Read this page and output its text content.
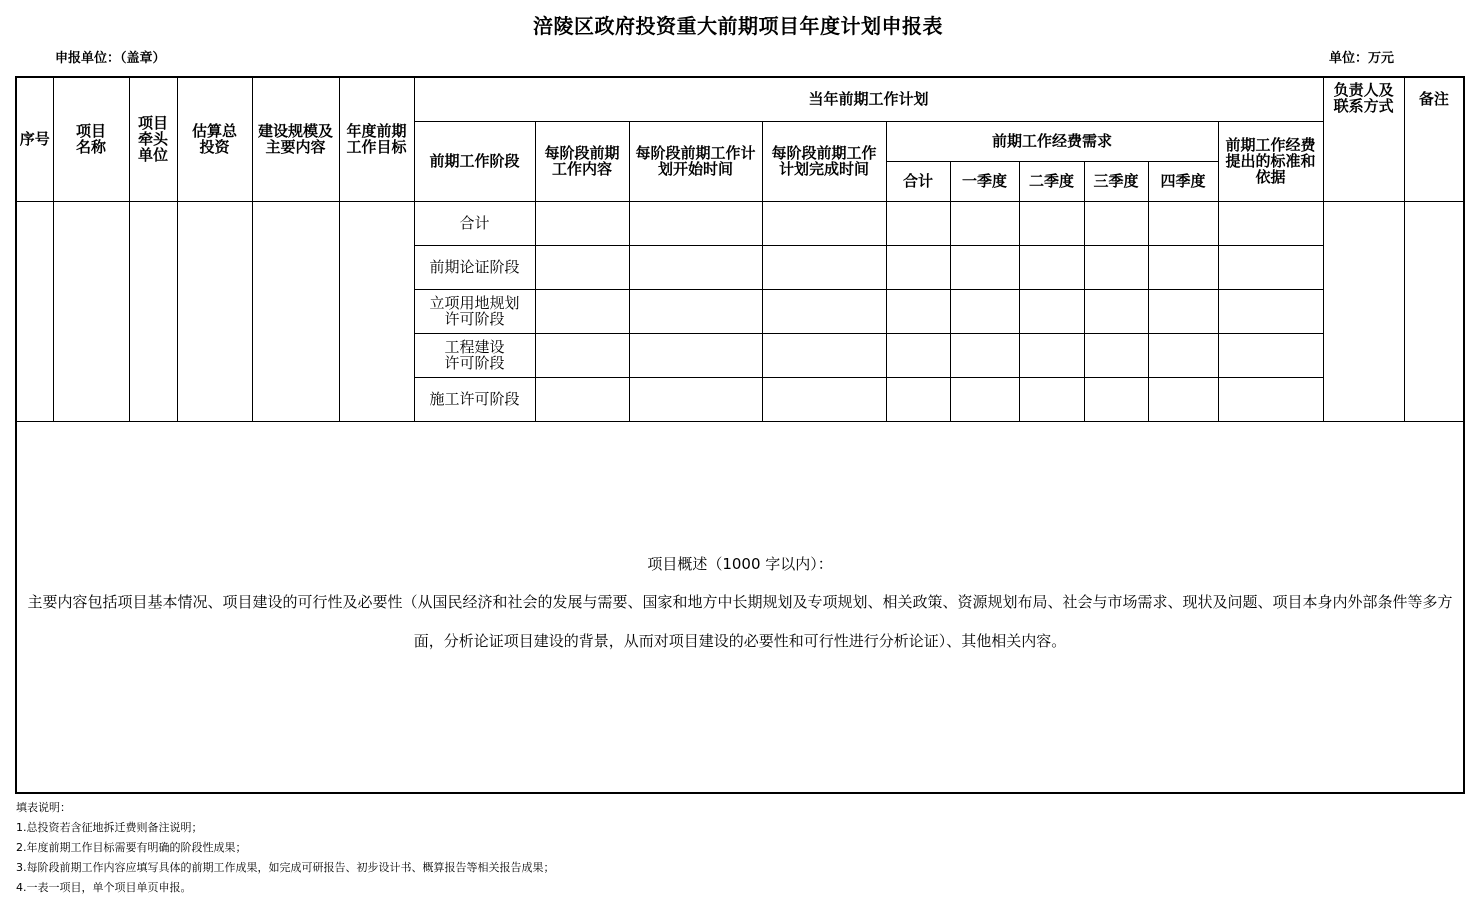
涪陵区政府投资重大前期项目年度计划申报表
申报单位：（盖章）	单位：万元
序号	项目名称	项目牵头单位	估算总投资	建设规模及主要内容	年度前期工作目标	当年前期工作计划										负责人及联系方式	备注
						前期工作阶段	每阶段前期工作内容	每阶段前期工作计划开始时间	每阶段前期工作计划完成时间	前期工作经费需求					前期工作经费提出的标准和依据		

										合计	一季度	二季度	三季度	四季度			
						合计											
						前期论证阶段											

						立项用地规划许可阶段											

						工程建设许可阶段											

						施工许可阶段											

项目概述（1000 字以内）：
主要内容包括项目基本情况、项目建设的可行性及必要性（从国民经济和社会的发展与需要、国家和地方中长期规划及专项规划、相关政策、资源规划布局、社会与市场需求、现状及问题、项目本身内外部条件等多方面，分析论证项目建设的背景，从而对项目建设的必要性和可行性进行分析论证）、其他相关内容。																	
填表说明：
1.总投资若含征地拆迁费则备注说明；
2.年度前期工作目标需要有明确的阶段性成果；
3.每阶段前期工作内容应填写具体的前期工作成果，如完成可研报告、初步设计书、概算报告等相关报告成果；
4.一表一项目，单个项目单页申报。
